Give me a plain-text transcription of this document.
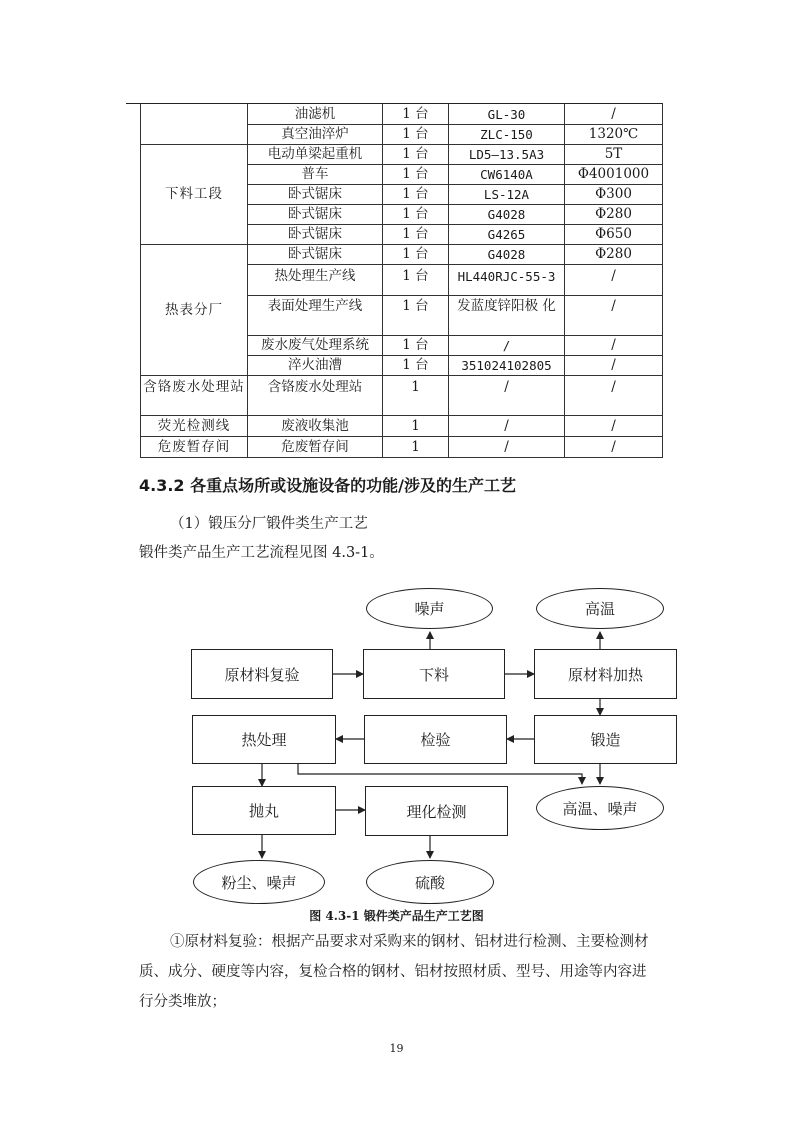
	油滤机	1 台	GL-30	/
	真空油淬炉	1 台	ZLC-150	1320℃
下料工段	电动单梁起重机	1 台	LD5—13.5A3	5T
	普车	1 台	CW6140A	Φ4001000
	卧式锯床	1 台	LS-12A	Φ300
	卧式锯床	1 台	G4028	Φ280
	卧式锯床	1 台	G4265	Φ650
热表分厂	卧式锯床	1 台	G4028	Φ280
	热处理生产线	1 台	HL440RJC-55-3	/
	表面处理生产线	1 台	发蓝度锌阳极 化	/
	废水废气处理系统	1 台	/	/
	淬火油漕	1 台	351024102805	/
含铬废水处理站	含铬废水处理站	1	/	/
荧光检测线	废液收集池	1	/	/
危废暂存间	危废暂存间	1	/	/

4.3.2 各重点场所或设施设备的功能/涉及的生产工艺

（1）锻压分厂锻件类生产工艺

锻件类产品生产工艺流程见图 4.3-1。

噪声	高温
高温、噪声
粉尘、噪声	硫酸
原材料复验	下料	原材料加热
热处理	检验	锻造
抛丸	理化检测

图 4.3-1 锻件类产品生产工艺图

①原材料复验：根据产品要求对采购来的钢材、铝材进行检测、主要检测材

质、成分、硬度等内容，复检合格的钢材、铝材按照材质、型号、用途等内容进

行分类堆放；

19
